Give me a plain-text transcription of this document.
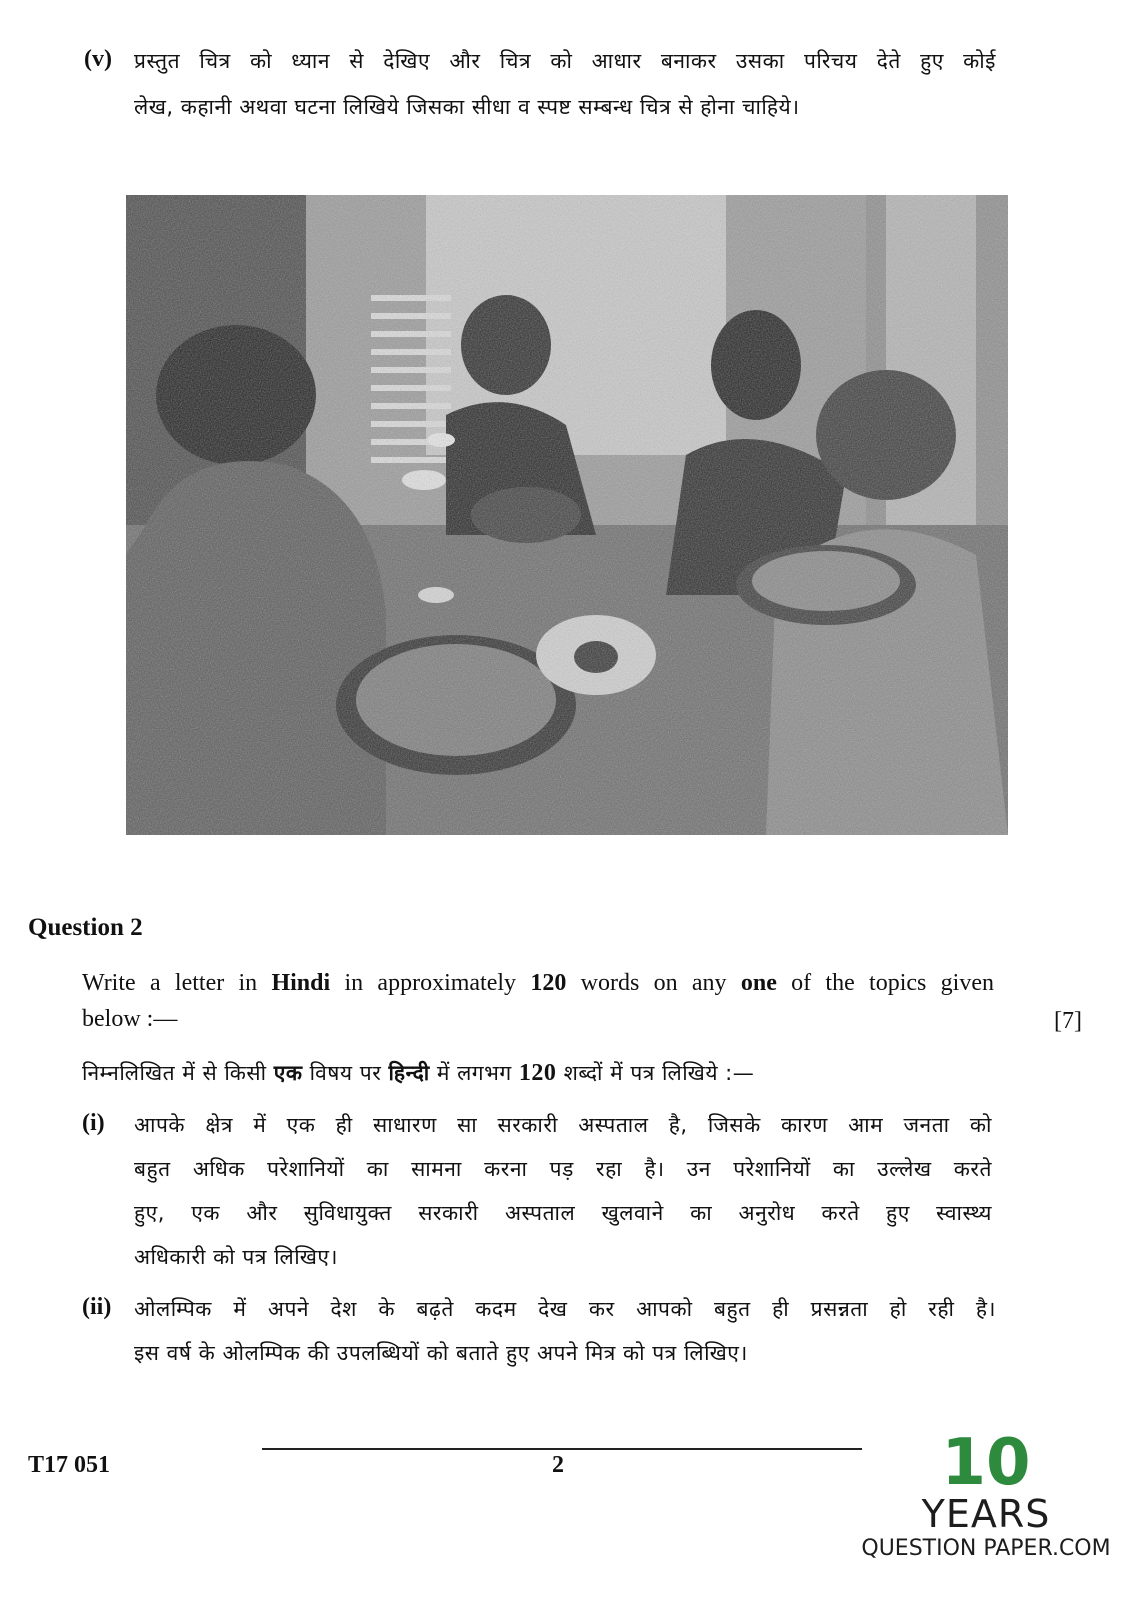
(v) प्रस्तुत चित्र को ध्यान से देखिए और चित्र को आधार बनाकर उसका परिचय देते हुए कोई
लेख, कहानी अथवा घटना लिखिये जिसका सीधा व स्पष्ट सम्बन्ध चित्र से होना चाहिये।
Question 2
Write a letter in Hindi in approximately 120 words on any one of the topics given
below :—	[7]
निम्नलिखित में से किसी एक विषय पर हिन्दी में लगभग 120 शब्दों में पत्र लिखिये :—
(i) आपके क्षेत्र में एक ही साधारण सा सरकारी अस्पताल है, जिसके कारण आम जनता को
बहुत अधिक परेशानियों का सामना करना पड़ रहा है। उन परेशानियों का उल्लेख करते
हुए, एक और सुविधायुक्त सरकारी अस्पताल खुलवाने का अनुरोध करते हुए स्वास्थ्य
अधिकारी को पत्र लिखिए।
(ii) ओलम्पिक में अपने देश के बढ़ते कदम देख कर आपको बहुत ही प्रसन्नता हो रही है।
इस वर्ष के ओलम्पिक की उपलब्धियों को बताते हुए अपने मित्र को पत्र लिखिए।
T17 051	2	10
YEARS
QUESTION PAPER.COM
